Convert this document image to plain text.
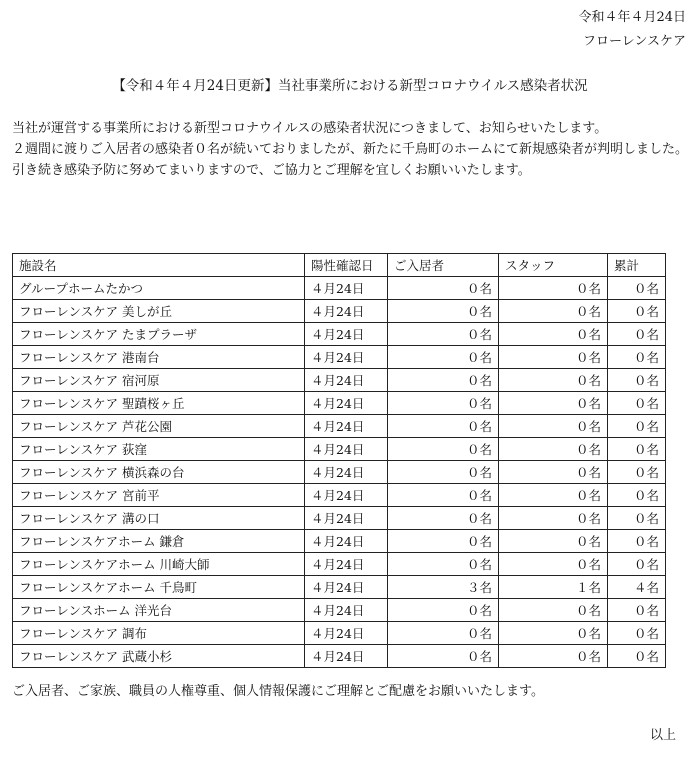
令和４年４月24日
フローレンスケア
【令和４年４月24日更新】当社事業所における新型コロナウイルス感染者状況

当社が運営する事業所における新型コロナウイルスの感染者状況につきまして、お知らせいたします。

２週間に渡りご入居者の感染者０名が続いておりましたが、新たに千鳥町のホームにて新規感染者が判明しました。

引き続き感染予防に努めてまいりますので、ご協力とご理解を宜しくお願いいたします。

施設名	陽性確認日	ご入居者	スタッフ	累計
グループホームたかつ	４月24日	０名	０名	０名
フローレンスケア 美しが丘	４月24日	０名	０名	０名
フローレンスケア たまプラーザ	４月24日	０名	０名	０名
フローレンスケア 港南台	４月24日	０名	０名	０名
フローレンスケア 宿河原	４月24日	０名	０名	０名
フローレンスケア 聖蹟桜ヶ丘	４月24日	０名	０名	０名
フローレンスケア 芦花公園	４月24日	０名	０名	０名
フローレンスケア 荻窪	４月24日	０名	０名	０名
フローレンスケア 横浜森の台	４月24日	０名	０名	０名
フローレンスケア 宮前平	４月24日	０名	０名	０名
フローレンスケア 溝の口	４月24日	０名	０名	０名
フローレンスケアホーム 鎌倉	４月24日	０名	０名	０名
フローレンスケアホーム 川崎大師	４月24日	０名	０名	０名
フローレンスケアホーム 千鳥町	４月24日	３名	１名	４名
フローレンスホーム 洋光台	４月24日	０名	０名	０名
フローレンスケア 調布	４月24日	０名	０名	０名
フローレンスケア 武蔵小杉	４月24日	０名	０名	０名
ご入居者、ご家族、職員の人権尊重、個人情報保護にご理解とご配慮をお願いいたします。
以上
